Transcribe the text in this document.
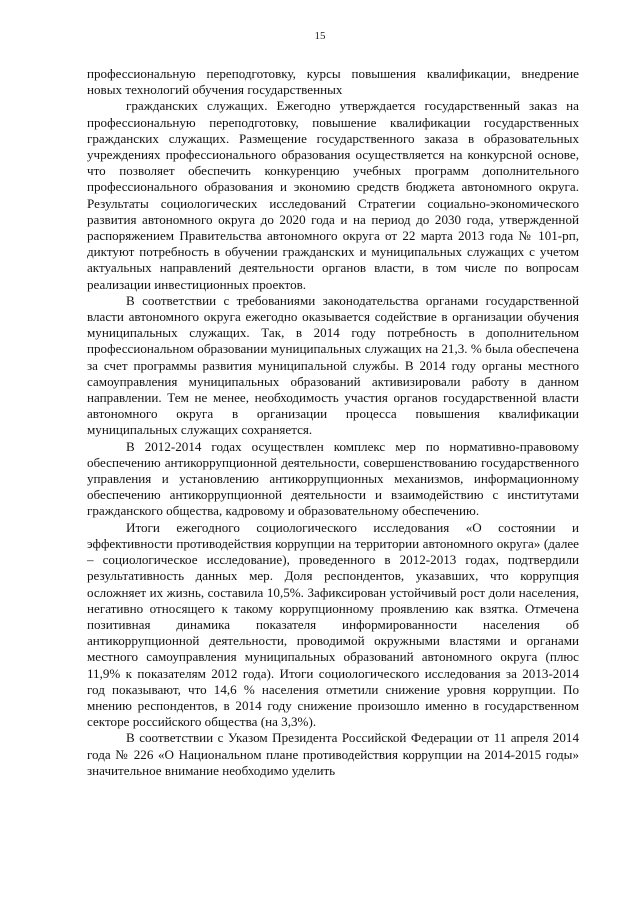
15

профессиональную переподготовку, курсы повышения квалификации, внедрение новых технологий обучения государственных

гражданских служащих. Ежегодно утверждается государственный заказ на профессиональную переподготовку, повышение квалификации государственных гражданских служащих. Размещение государственного заказа в образовательных учреждениях профессионального образования осуществляется на конкурсной основе, что позволяет обеспечить конкуренцию учебных программ дополнительного профессионального образования и экономию средств бюджета автономного округа. Результаты социологических исследований Стратегии социально-экономического развития автономного округа до 2020 года и на период до 2030 года, утвержденной распоряжением Правительства автономного округа от 22 марта 2013 года № 101-рп, диктуют потребность в обучении гражданских и муниципальных служащих с учетом актуальных направлений деятельности органов власти, в том числе по вопросам реализации инвестиционных проектов.

В соответствии с требованиями законодательства органами государственной власти автономного округа ежегодно оказывается содействие в организации обучения муниципальных служащих. Так, в 2014 году потребность в дополнительном профессиональном образовании муниципальных служащих на 21,3. % была обеспечена за счет программы развития муниципальной службы. В 2014 году органы местного самоуправления муниципальных образований активизировали работу в данном направлении. Тем не менее, необходимость участия органов государственной власти автономного округа в организации процесса повышения квалификации муниципальных служащих сохраняется.

В 2012-2014 годах осуществлен комплекс мер по нормативно-правовому обеспечению антикоррупционной деятельности, совершенствованию государственного управления и установлению антикоррупционных механизмов, информационному обеспечению антикоррупционной деятельности и взаимодействию с институтами гражданского общества, кадровому и образовательному обеспечению.

Итоги ежегодного социологического исследования «О состоянии и эффективности противодействия коррупции на территории автономного округа» (далее – социологическое исследование), проведенного в 2012-2013 годах, подтвердили результативность данных мер. Доля респондентов, указавших, что коррупция осложняет их жизнь, составила 10,5%. Зафиксирован устойчивый рост доли населения, негативно относящего к такому коррупционному проявлению как взятка. Отмечена позитивная динамика показателя информированности населения об антикоррупционной деятельности, проводимой окружными властями и органами местного самоуправления муниципальных образований автономного округа (плюс 11,9% к показателям 2012 года). Итоги социологического исследования за 2013-2014 год показывают, что 14,6 % населения отметили снижение уровня коррупции. По мнению респондентов, в 2014 году снижение произошло именно в государственном секторе российского общества (на 3,3%).

В соответствии с Указом Президента Российской Федерации от 11 апреля 2014 года № 226 «О Национальном плане противодействия коррупции на 2014-2015 годы» значительное внимание необходимо уделить
